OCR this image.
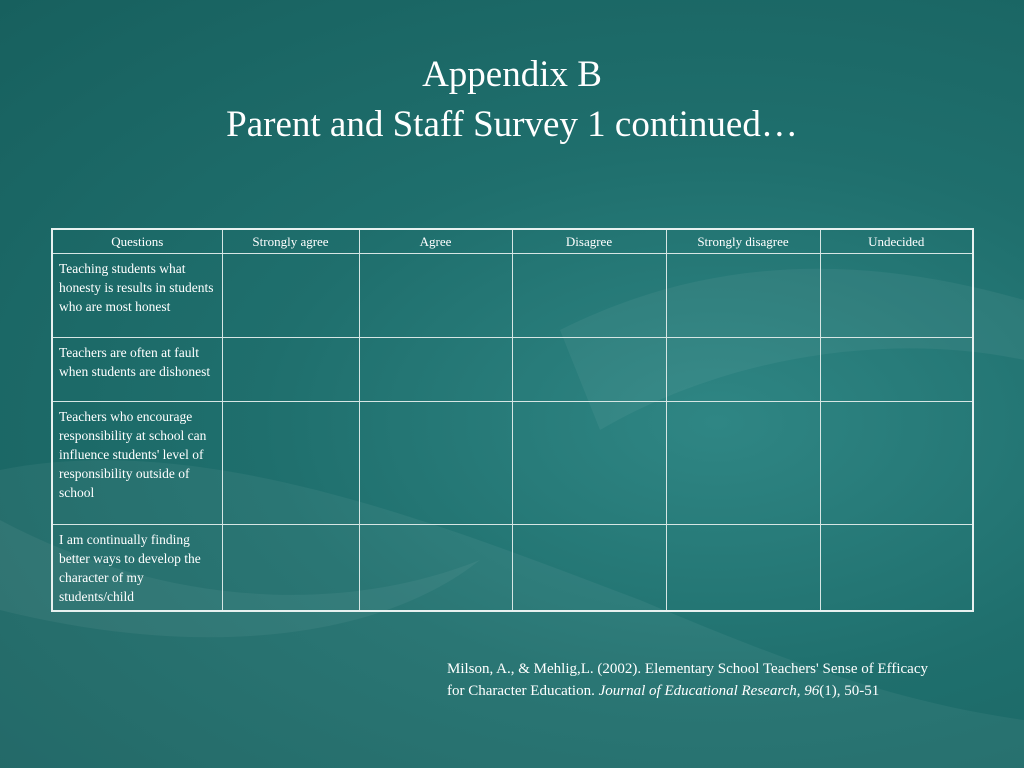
Appendix B
Parent and Staff Survey 1 continued…
Questions	Strongly agree	Agree	Disagree	Strongly disagree	Undecided
Teaching students what honesty is results in students who are most honest					
Teachers are often at fault when students are dishonest					
Teachers who encourage responsibility at school can influence students' level of responsibility outside of school					
I am continually finding better ways to develop the character of my students/child					
Milson, A., & Mehlig,L. (2002). Elementary School Teachers' Sense of Efficacy for Character Education. Journal of Educational Research, 96(1), 50-51
